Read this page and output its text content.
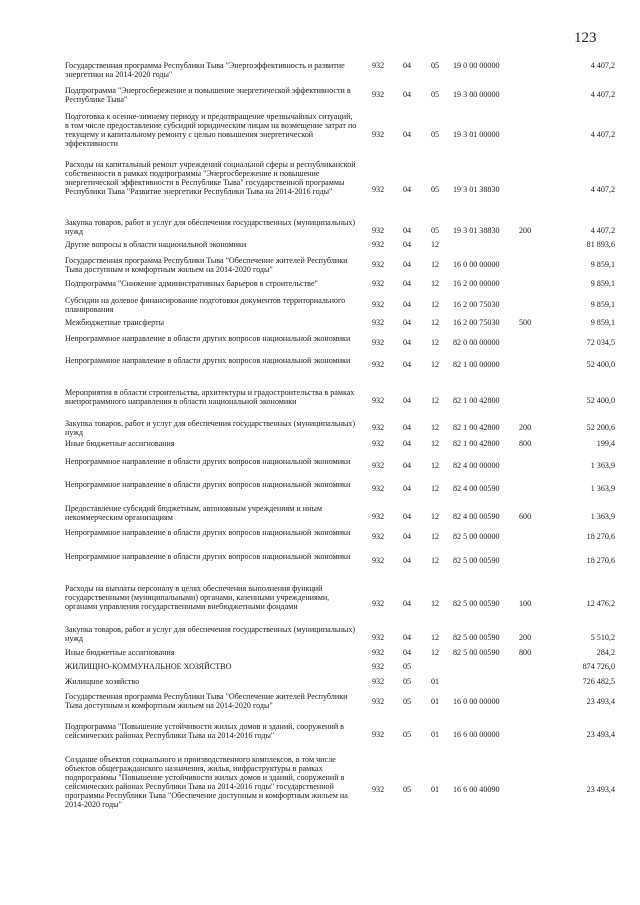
123
Государственная программа Республики Тыва "Энергоэффективность и развитие энергетики на 2014-2020 годы"
932 04 05 19 0 00 00000	4 407,2
Подпрограмма "Энергосбережение и повышение энергетической эффективности в Республике Тыва"
932 04 05 19 3 00 00000	4 407,2
Подготовка к осенне-зимнему периоду и предотвращение чрезвычайных ситуаций, в том числе предоставление субсидий юридическим лицам на возмещение затрат по текущему и капитальному ремонту с целью повышения энергетической эффективности
932 04 05 19 3 01 00000	4 407,2
Расходы на капитальный ремонт учреждений социальной сферы и республиканской собственности в рамках подпрограммы "Энергосбережение и повышение энергетической эффективности в Республике Тыва" государственной программы Республики Тыва "Развитие энергетики Республики Тыва на 2014-2016 годы"	932 04 05 19 3 01 38830	4 407,2
Закупка товаров, работ и услуг для обеспечения государственных (муниципальных) нужд	932 04 05 19 3 01 38830 200	4 407,2
Другие вопросы в области национальной экономики	932 04 12	81 893,6
Государственная программа Республики Тыва "Обеспечение жителей Республики Тыва доступным и комфортным жильем на 2014-2020 годы"
932 04 12 16 0 00 00000	9 859,1
Подпрограмма "Снижение административных барьеров в строительстве"	932 04 12 16 2 00 00000	9 859,1
Субсидии на долевое финансирование подготовки документов территориального планирования
932 04 12 16 2 00 75030	9 859,1
Межбюджетные трансферты	932 04 12 16 2 00 75030 500	9 859,1
Непрограммное направление в области других вопросов национальной экономики	932 04 12 82 0 00 00000	72 034,5
Непрограммное направление в области других вопросов национальной экономики	932 04 12 82 1 00 00000	52 400,0
Мероприятия в области строительства, архитектуры и градостроительства в рамках внепрограммного направления в области национальной экономики	932 04 12 82 1 00 42800	52 400,0
Закупка товаров, работ и услуг для обеспечения государственных (муниципальных) нужд
932 04 12 82 1 00 42800 200	52 200,6
Иные бюджетные ассигнования	932 04 12 82 1 00 42800 800	199,4
Непрограммное направление в области других вопросов национальной экономики	932 04 12 82 4 00 00000	1 363,9
Непрограммное направление в области других вопросов национальной экономики	932 04 12 82 4 00 00590	1 363,9
Предоставление субсидий бюджетным, автономным учреждениям и иным некоммерческим организациям	932 04 12 82 4 00 00590 600	1 363,9
Непрограммное направление в области других вопросов национальной экономики	932 04 12 82 5 00 00000	18 270,6
Непрограммное направление в области других вопросов национальной экономики	932 04 12 82 5 00 00590	18 270,6
Расходы на выплаты персоналу в целях обеспечения выполнения функций государственными (муниципальными) органами, казенными учреждениями, органами управления государственными внебюджетными фондами	932 04 12 82 5 00 00590 100	12 476,2
Закупка товаров, работ и услуг для обеспечения государственных (муниципальных) нужд	932 04 12 82 5 00 00590 200	5 510,2
Иные бюджетные ассигнования	932 04 12 82 5 00 00590 800	284,2
ЖИЛИЩНО-КОММУНАЛЬНОЕ ХОЗЯЙСТВО	932 05	874 726,0
Жилищное хозяйство	932 05 01	726 482,5
Государственная программа Республики Тыва "Обеспечение жителей Республики Тыва доступным и комфортным жильем на 2014-2020 годы"	932 05 01 16 0 00 00000	23 493,4
Подпрограмма "Повышение устойчивости жилых домов и зданий, сооружений в сейсмических районах Республики Тыва на 2014-2016 годы"	932 05 01 16 6 00 00000	23 493,4
Создание объектов социального и производственного комплексов, в том числе объектов общегражданского назначения, жилья, инфраструктуры в рамках подпрограммы "Повышение устойчивости жилых домов и зданий, сооружений в сейсмических районах Республики Тыва на 2014-2016 годы" государственной программы Республики Тыва "Обеспечение доступным и комфортным жильем на 2014-2020 годы"
932 05 01 16 6 00 40090	23 493,4
